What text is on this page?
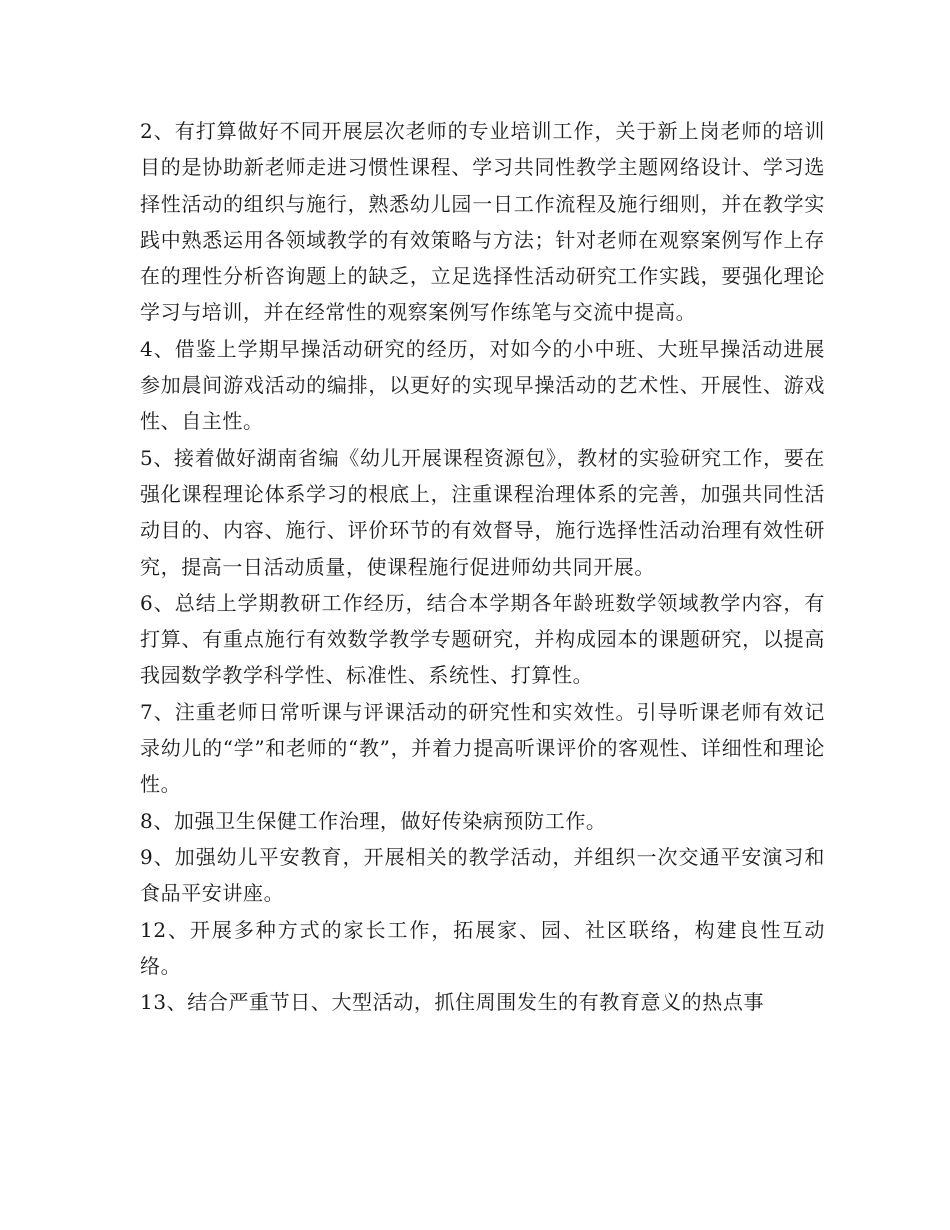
2、有打算做好不同开展层次老师的专业培训工作，关于新上岗老师的培训目的是协助新老师走进习惯性课程、学习共同性教学主题网络设计、学习选择性活动的组织与施行，熟悉幼儿园一日工作流程及施行细则，并在教学实践中熟悉运用各领域教学的有效策略与方法；针对老师在观察案例写作上存在的理性分析咨询题上的缺乏，立足选择性活动研究工作实践，要强化理论学习与培训，并在经常性的观察案例写作练笔与交流中提高。

4、借鉴上学期早操活动研究的经历，对如今的小中班、大班早操活动进展参加晨间游戏活动的编排，以更好的实现早操活动的艺术性、开展性、游戏性、自主性。

5、接着做好湖南省编《幼儿开展课程资源包》，教材的实验研究工作，要在强化课程理论体系学习的根底上，注重课程治理体系的完善，加强共同性活动目的、内容、施行、评价环节的有效督导，施行选择性活动治理有效性研究，提高一日活动质量，使课程施行促进师幼共同开展。

6、总结上学期教研工作经历，结合本学期各年龄班数学领域教学内容，有打算、有重点施行有效数学教学专题研究，并构成园本的课题研究，以提高我园数学教学科学性、标准性、系统性、打算性。

7、注重老师日常听课与评课活动的研究性和实效性。引导听课老师有效记录幼儿的“学”和老师的“教”，并着力提高听课评价的客观性、详细性和理论性。

8、加强卫生保健工作治理，做好传染病预防工作。

9、加强幼儿平安教育，开展相关的教学活动，并组织一次交通平安演习和食品平安讲座。

12、开展多种方式的家长工作，拓展家、园、社区联络，构建良性互动络。

13、结合严重节日、大型活动，抓住周围发生的有教育意义的热点事
